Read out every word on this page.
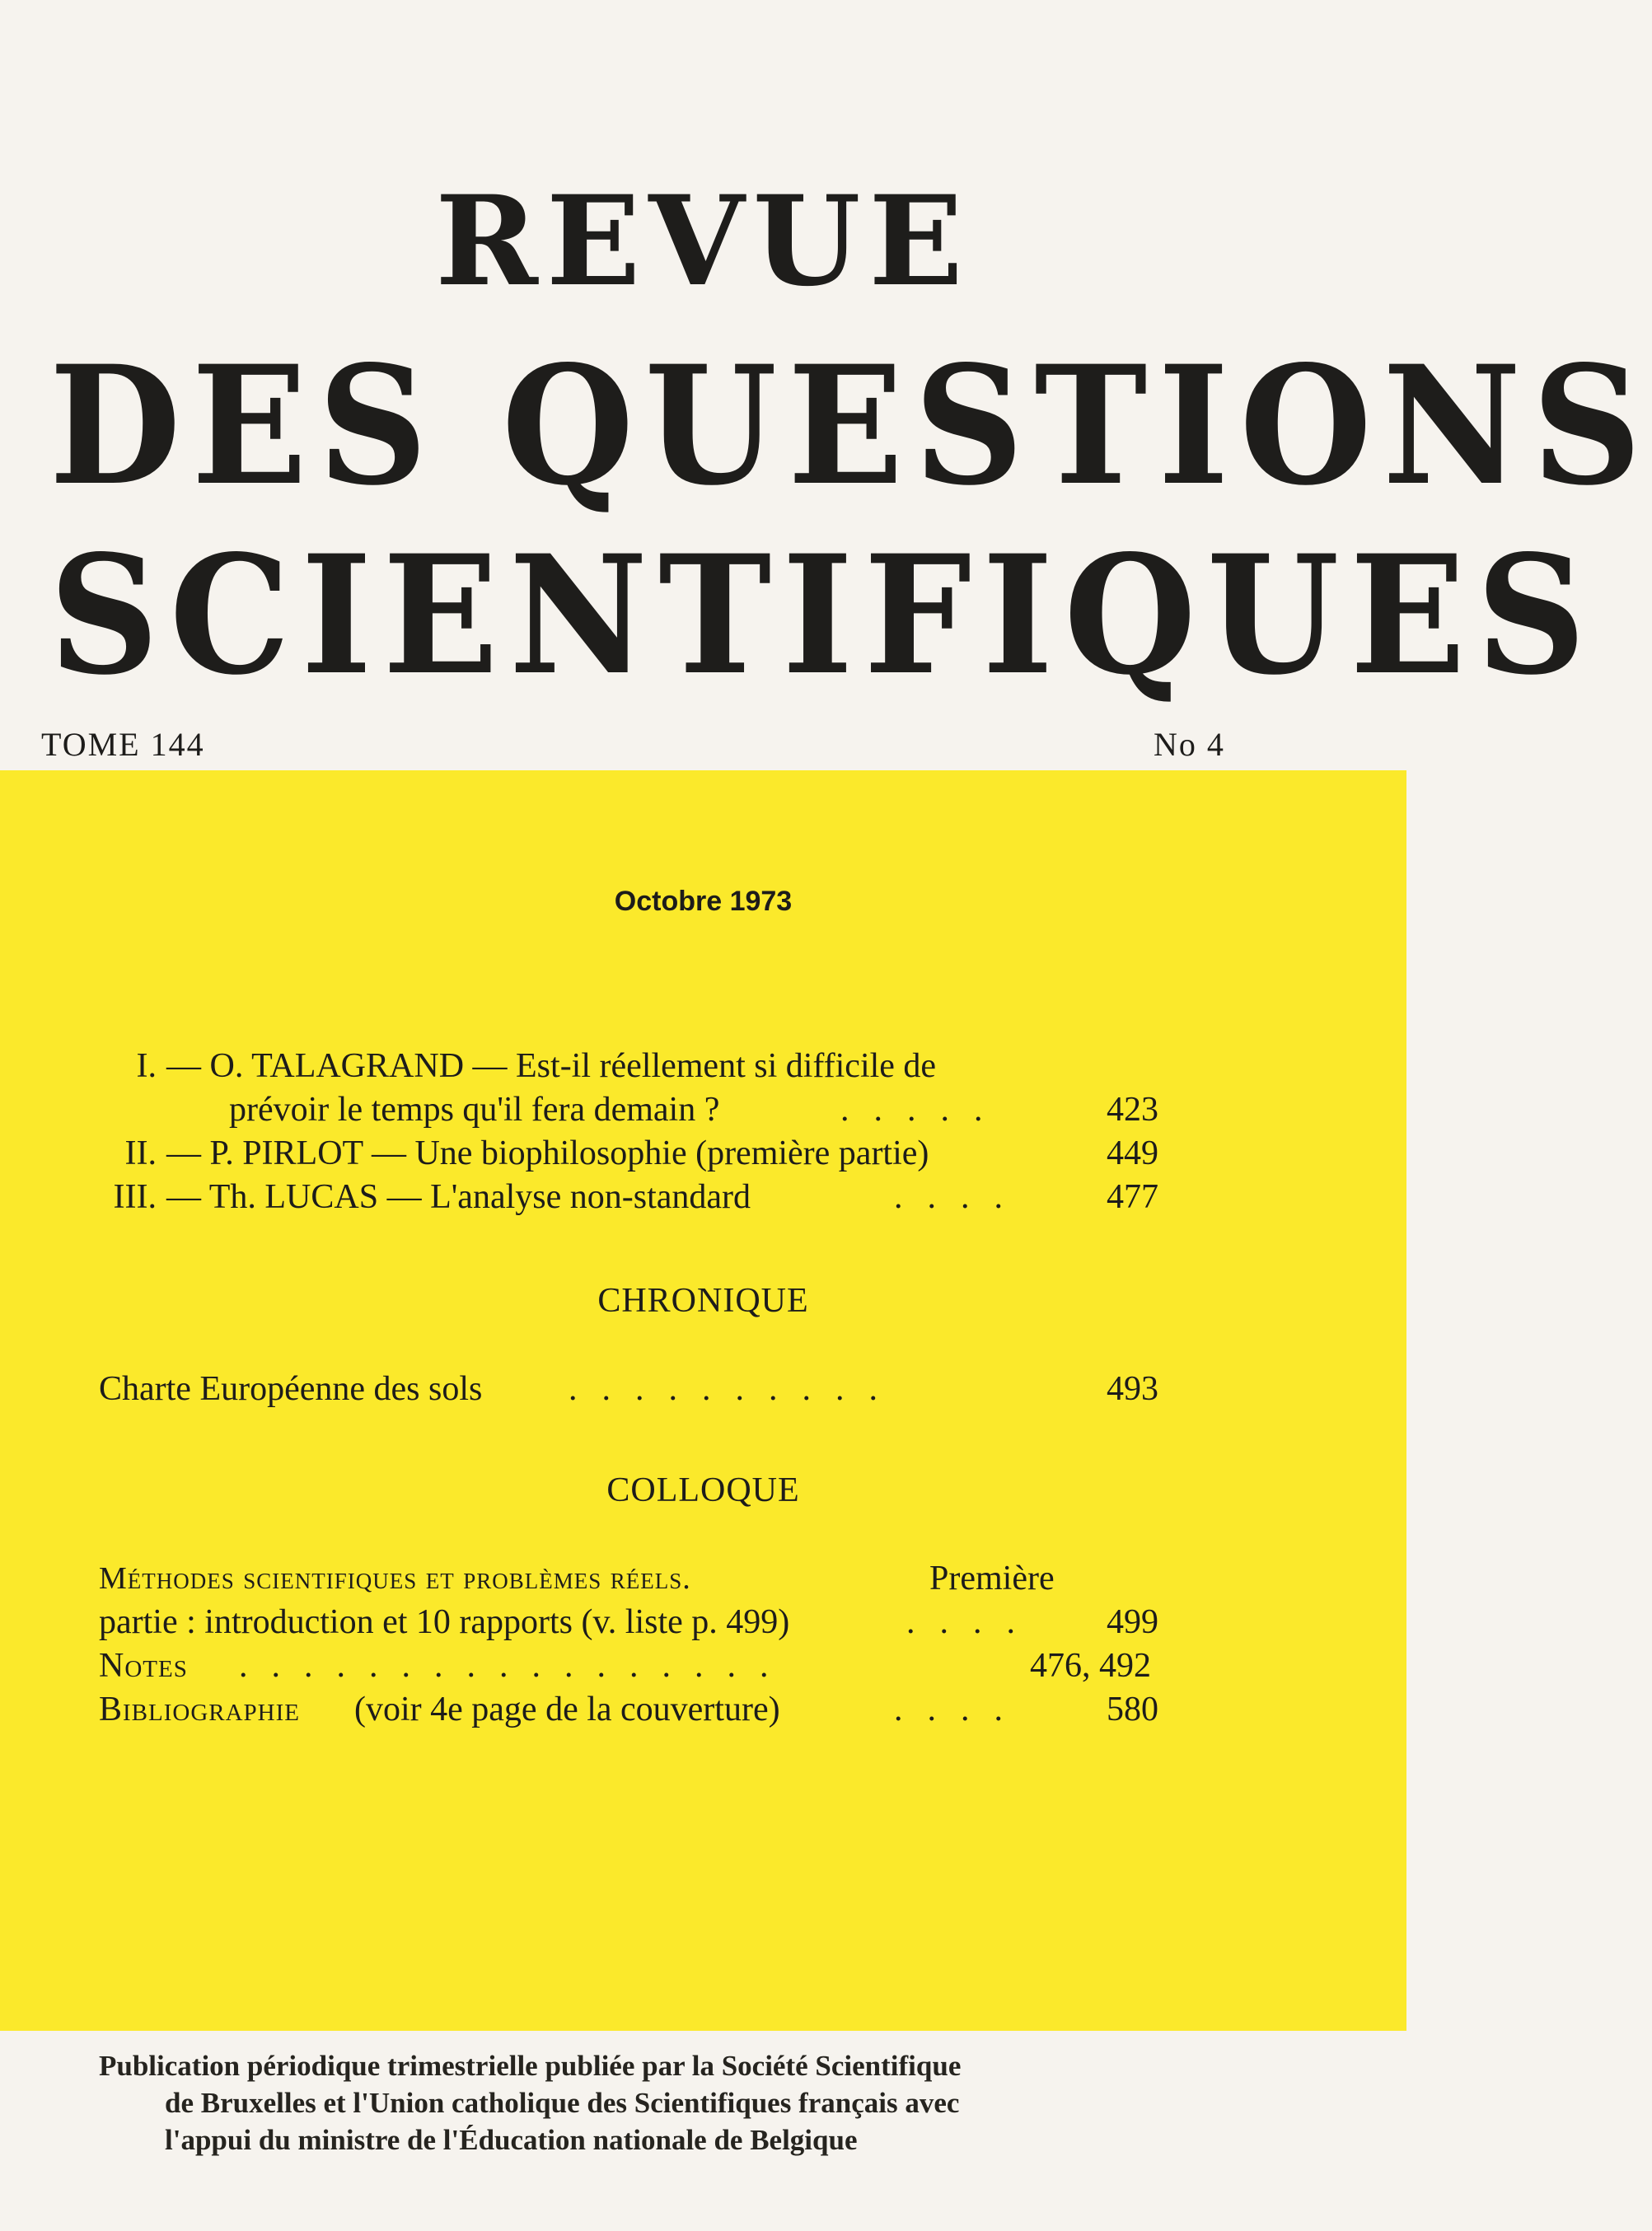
REVUE
DES QUESTIONS
SCIENTIFIQUES
TOME 144	No 4
Octobre 1973
I. — O. TALAGRAND — Est-il réellement si difficile de
prévoir le temps qu'il fera demain ?	.....	423
II. — P. PIRLOT — Une biophilosophie (première partie)	449
III. — Th. LUCAS — L'analyse non-standard	.... 477
CHRONIQUE
Charte Européenne des sols ..........	493
COLLOQUE
Méthodes scientifiques et problèmes réels.	Première
partie : introduction et 10 rapports (v. liste p. 499)	.... 499
Notes .................	476, 492
Bibliographie (voir 4e page de la couverture)	.... 580
Publication périodique trimestrielle publiée par la Société Scientifique
de Bruxelles et l'Union catholique des Scientifiques français avec
l'appui du ministre de l'Éducation nationale de Belgique
